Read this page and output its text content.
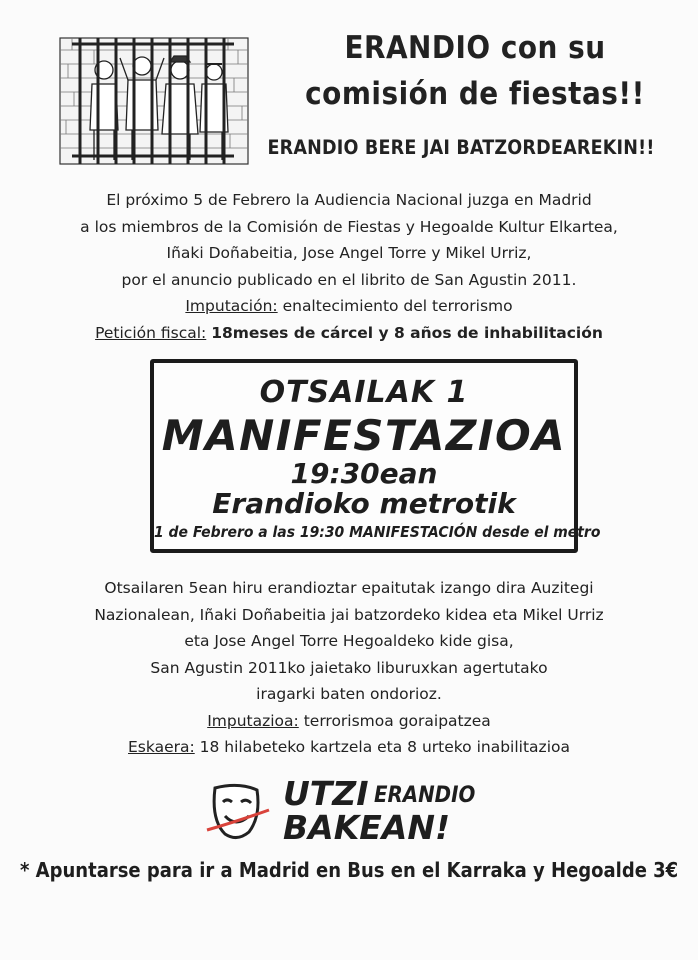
ERANDIO con su
comisión de fiestas!!
ERANDIO BERE JAI BATZORDEAREKIN!!
El próximo 5 de Febrero la Audiencia Nacional juzga en Madrid
a los miembros de la Comisión de Fiestas y Hegoalde Kultur Elkartea,
Iñaki Doñabeitia, Jose Angel Torre y Mikel Urriz,
por el anuncio publicado en el librito de San Agustin 2011.
Imputación: enaltecimiento del terrorismo
Petición fiscal: 18meses de cárcel y 8 años de inhabilitación
OTSAILAK 1
MANIFESTAZIOA
19:30ean
Erandioko metrotik
1 de Febrero a las 19:30 MANIFESTACIÓN desde el metro
Otsailaren 5ean hiru erandioztar epaitutak izango dira Auzitegi
Nazionalean, Iñaki Doñabeitia jai batzordeko kidea eta Mikel Urriz
eta Jose Angel Torre Hegoaldeko kide gisa,
San Agustin 2011ko jaietako liburuxkan agertutako
iragarki baten ondorioz.
Imputazioa: terrorismoa goraipatzea
Eskaera: 18 hilabeteko kartzela eta 8 urteko inabilitazioa
UTZI ERANDIO
BAKEAN!
* Apuntarse para ir a Madrid en Bus en el Karraka y Hegoalde 3€
